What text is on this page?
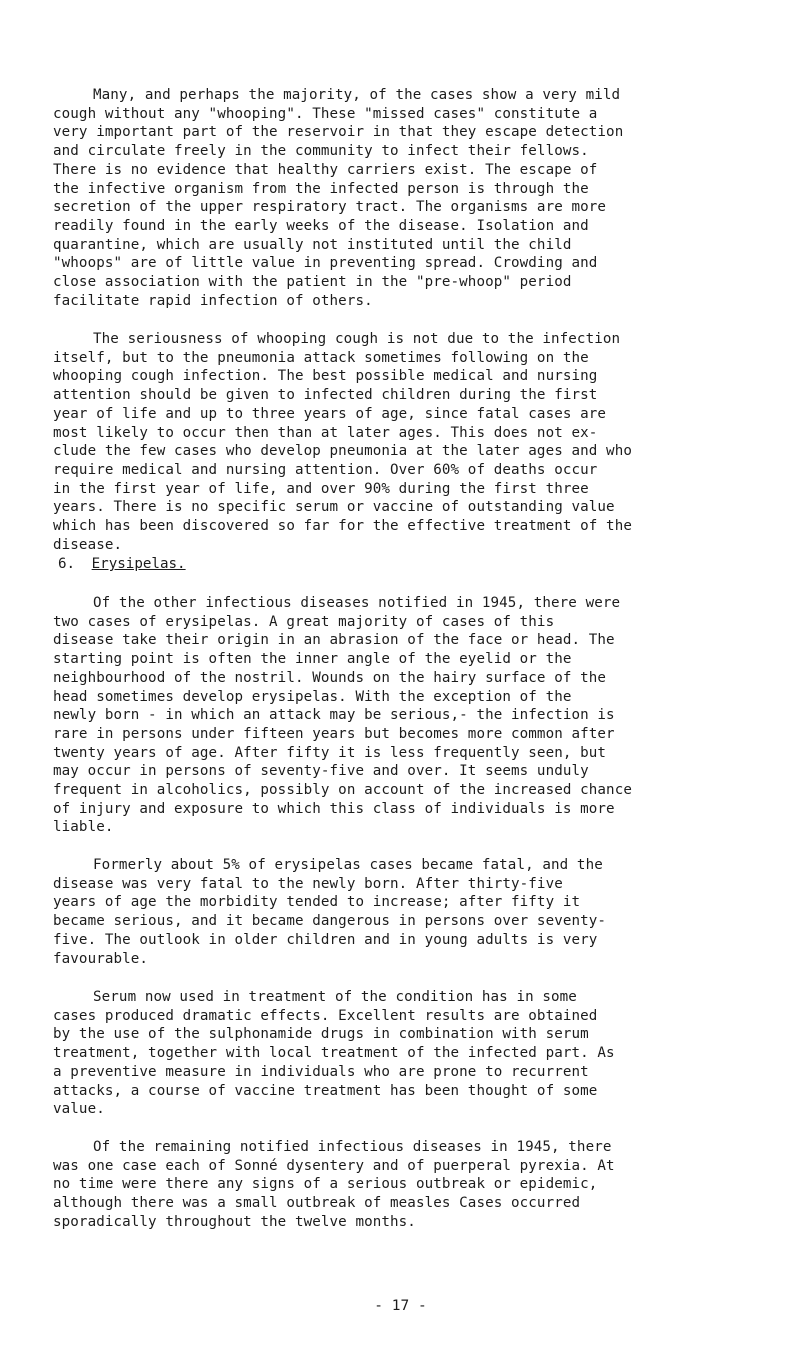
Many, and perhaps the majority, of the cases show a very mild
cough without any "whooping". These "missed cases" constitute a
very important part of the reservoir in that they escape detection
and circulate freely in the community to infect their fellows.
There is no evidence that healthy carriers exist. The escape of
the infective organism from the infected person is through the
secretion of the upper respiratory tract. The organisms are more
readily found in the early weeks of the disease. Isolation and
quarantine, which are usually not instituted until the child
"whoops" are of little value in preventing spread. Crowding and
close association with the patient in the "pre-whoop" period
facilitate rapid infection of others.
The seriousness of whooping cough is not due to the infection
itself, but to the pneumonia attack sometimes following on the
whooping cough infection. The best possible medical and nursing
attention should be given to infected children during the first
year of life and up to three years of age, since fatal cases are
most likely to occur then than at later ages. This does not ex-
clude the few cases who develop pneumonia at the later ages and who
require medical and nursing attention. Over 60% of deaths occur
in the first year of life, and over 90% during the first three
years. There is no specific serum or vaccine of outstanding value
which has been discovered so far for the effective treatment of the
disease.
6. Erysipelas.
Of the other infectious diseases notified in 1945, there were
two cases of erysipelas. A great majority of cases of this
disease take their origin in an abrasion of the face or head. The
starting point is often the inner angle of the eyelid or the
neighbourhood of the nostril. Wounds on the hairy surface of the
head sometimes develop erysipelas. With the exception of the
newly born - in which an attack may be serious,- the infection is
rare in persons under fifteen years but becomes more common after
twenty years of age. After fifty it is less frequently seen, but
may occur in persons of seventy-five and over. It seems unduly
frequent in alcoholics, possibly on account of the increased chance
of injury and exposure to which this class of individuals is more
liable.
Formerly about 5% of erysipelas cases became fatal, and the
disease was very fatal to the newly born. After thirty-five
years of age the morbidity tended to increase; after fifty it
became serious, and it became dangerous in persons over seventy-
five. The outlook in older children and in young adults is very
favourable.
Serum now used in treatment of the condition has in some
cases produced dramatic effects. Excellent results are obtained
by the use of the sulphonamide drugs in combination with serum
treatment, together with local treatment of the infected part. As
a preventive measure in individuals who are prone to recurrent
attacks, a course of vaccine treatment has been thought of some
value.
Of the remaining notified infectious diseases in 1945, there
was one case each of Sonné dysentery and of puerperal pyrexia. At
no time were there any signs of a serious outbreak or epidemic,
although there was a small outbreak of measles Cases occurred
sporadically throughout the twelve months.
- 17 -
